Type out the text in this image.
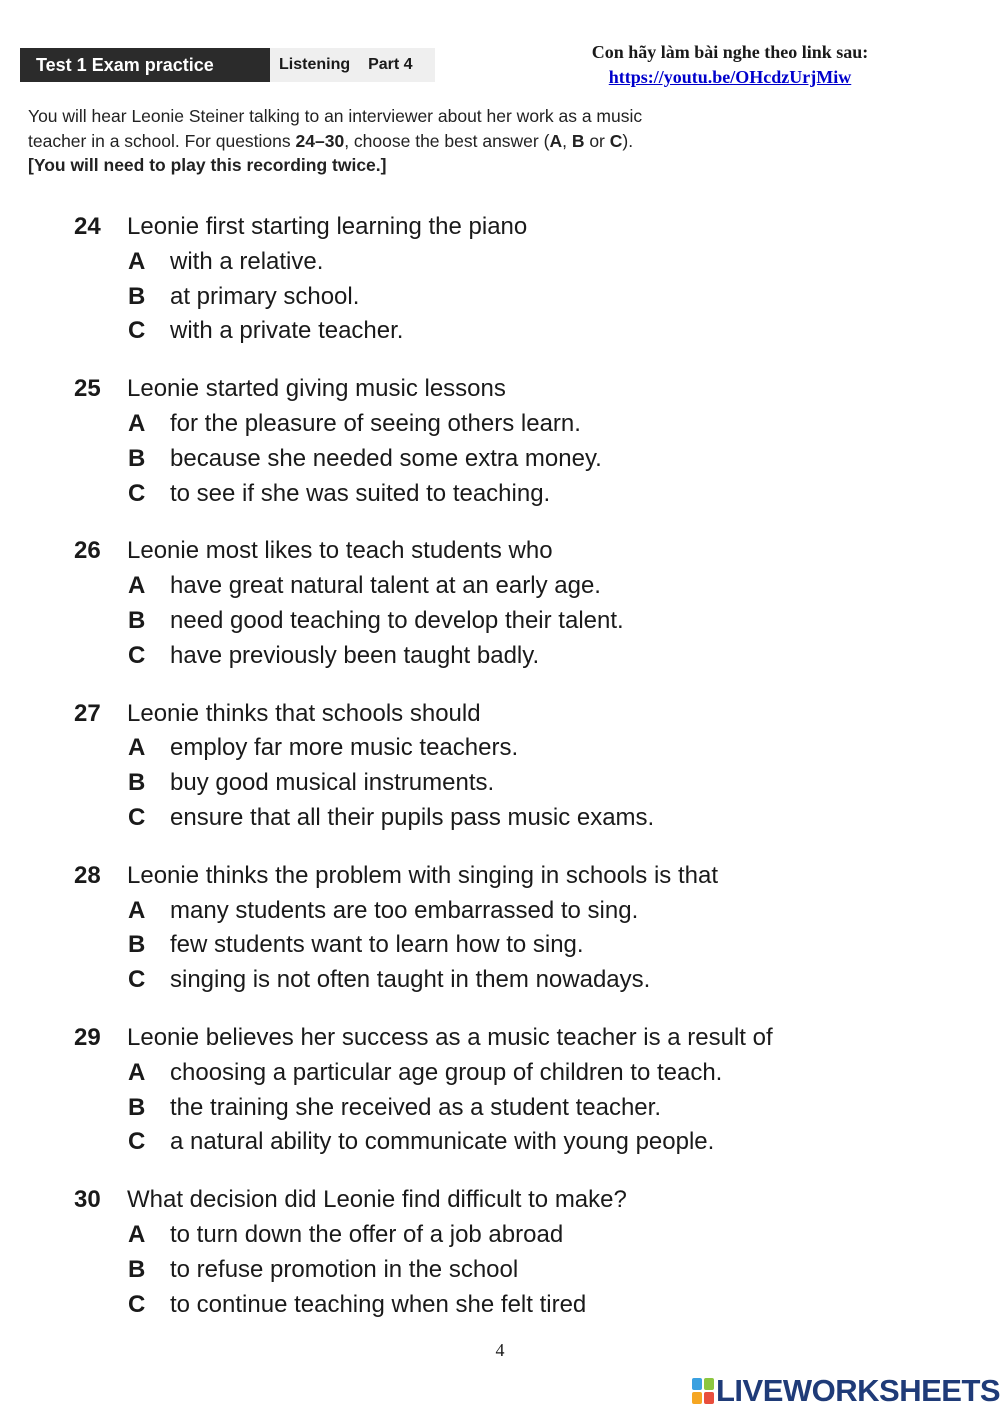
Test 1 Exam practice	Listening Part 4
Con hãy làm bài nghe theo link sau:
https://youtu.be/OHcdzUrjMiw
You will hear Leonie Steiner talking to an interviewer about her work as a music teacher in a school. For questions 24–30, choose the best answer (A, B or C). [You will need to play this recording twice.]
24 Leonie first starting learning the piano
A with a relative.
B at primary school.
C with a private teacher.
25 Leonie started giving music lessons
A for the pleasure of seeing others learn.
B because she needed some extra money.
C to see if she was suited to teaching.
26 Leonie most likes to teach students who
A have great natural talent at an early age.
B need good teaching to develop their talent.
C have previously been taught badly.
27 Leonie thinks that schools should
A employ far more music teachers.
B buy good musical instruments.
C ensure that all their pupils pass music exams.
28 Leonie thinks the problem with singing in schools is that
A many students are too embarrassed to sing.
B few students want to learn how to sing.
C singing is not often taught in them nowadays.
29 Leonie believes her success as a music teacher is a result of
A choosing a particular age group of children to teach.
B the training she received as a student teacher.
C a natural ability to communicate with young people.
30 What decision did Leonie find difficult to make?
A to turn down the offer of a job abroad
B to refuse promotion in the school
C to continue teaching when she felt tired
4
LIVEWORKSHEETS
